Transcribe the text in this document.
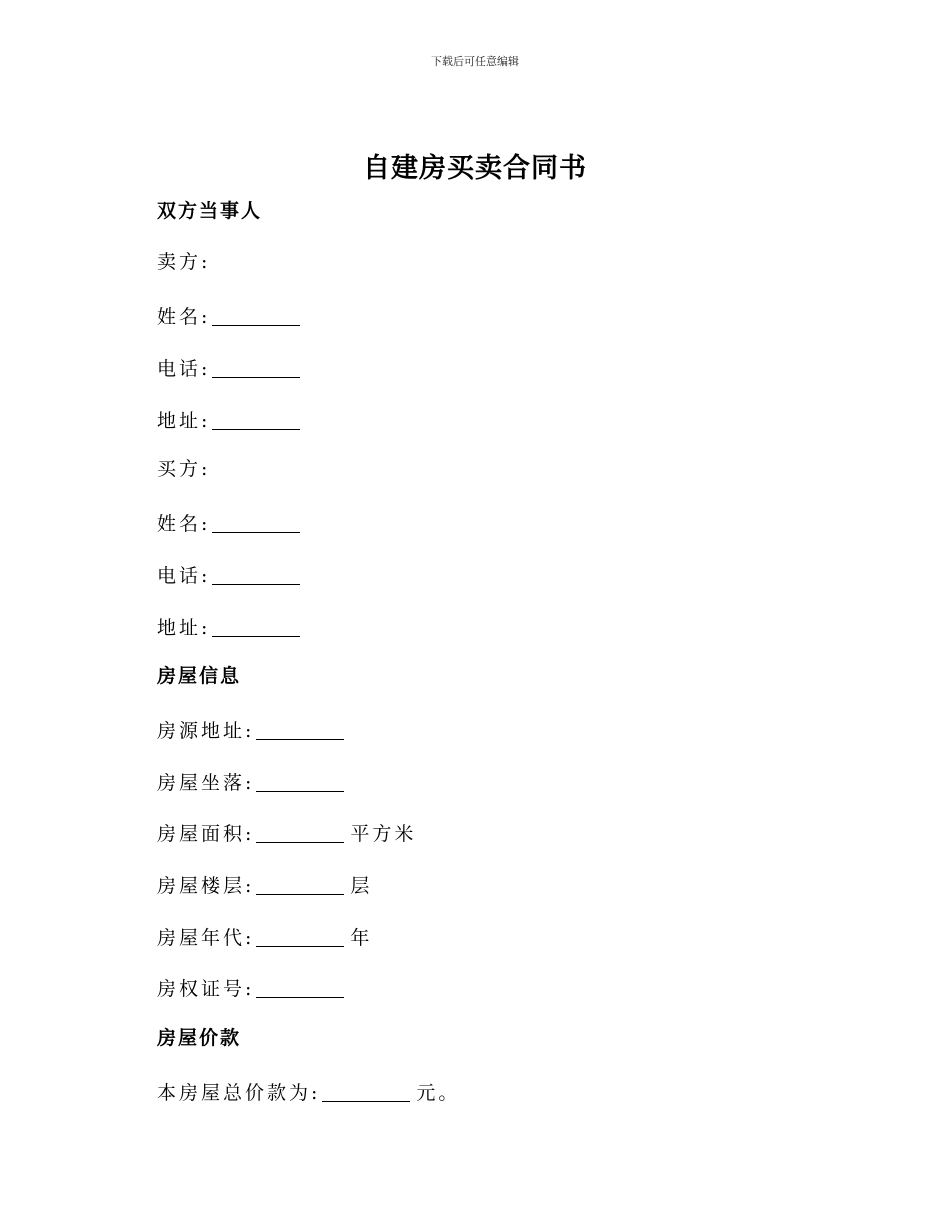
下载后可任意编辑
自建房买卖合同书
双方当事人
卖方:
姓名:
电话:
地址:
买方:
姓名:
电话:
地址:
房屋信息
房源地址:
房屋坐落:
房屋面积:	平方米
房屋楼层:	层
房屋年代:	年
房权证号:
房屋价款
本房屋总价款为:	元。
